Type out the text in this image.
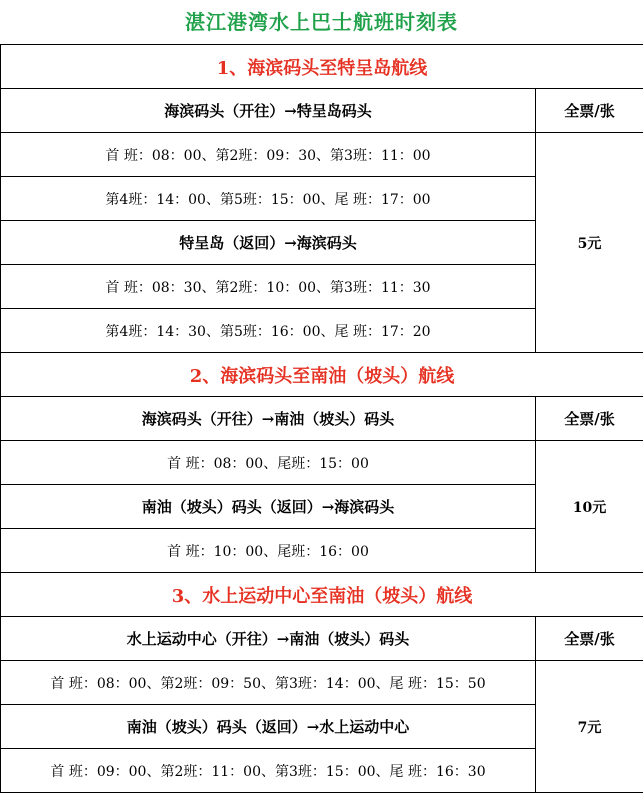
湛江港湾水上巴士航班时刻表
1、海滨码头至特呈岛航线	
海滨码头（开往）→特呈岛码头	全票/张
首 班：08：00、第2班：09：30、第3班：11：00	5元
第4班：14：00、第5班：15：00、尾 班：17：00	
特呈岛（返回）→海滨码头	
首 班：08：30、第2班：10：00、第3班：11：30	
第4班：14：30、第5班：16：00、尾 班：17：20	
2、海滨码头至南油（坡头）航线	
海滨码头（开往）→南油（坡头）码头	全票/张
首 班：08：00、尾班：15：00	10元
南油（坡头）码头（返回）→海滨码头	
首 班：10：00、尾班：16：00	
3、水上运动中心至南油（坡头）航线	
水上运动中心（开往）→南油（坡头）码头	全票/张
首 班：08：00、第2班：09：50、第3班：14：00、尾 班：15：50	7元
南油（坡头）码头（返回）→水上运动中心	
首 班：09：00、第2班：11：00、第3班：15：00、尾 班：16：30	
